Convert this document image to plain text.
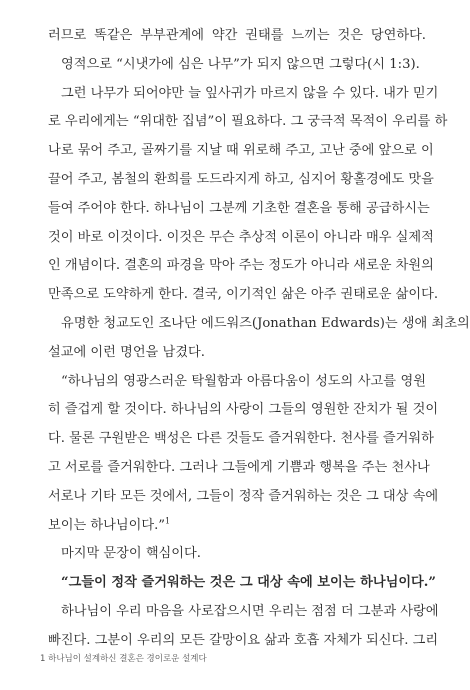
러므로 똑같은 부부관계에 약간 권태를 느끼는 것은 당연하다.
영적으로 “시냇가에 심은 나무”가 되지 않으면 그렇다(시 1:3).
그런 나무가 되어야만 늘 잎사귀가 마르지 않을 수 있다. 내가 믿기
로 우리에게는 “위대한 집념”이 필요하다. 그 궁극적 목적이 우리를 하
나로 묶어 주고, 골짜기를 지날 때 위로해 주고, 고난 중에 앞으로 이
끌어 주고, 봄철의 환희를 도드라지게 하고, 심지어 황홀경에도 맛을
들여 주어야 한다. 하나님이 그분께 기초한 결혼을 통해 공급하시는
것이 바로 이것이다. 이것은 무슨 추상적 이론이 아니라 매우 실제적
인 개념이다. 결혼의 파경을 막아 주는 정도가 아니라 새로운 차원의
만족으로 도약하게 한다. 결국, 이기적인 삶은 아주 권태로운 삶이다.
유명한 청교도인 조나단 에드워즈(Jonathan Edwards)는 생애 최초의
설교에 이런 명언을 남겼다.
“하나님의 영광스러운 탁월함과 아름다움이 성도의 사고를 영원
히 즐겁게 할 것이다. 하나님의 사랑이 그들의 영원한 잔치가 될 것이
다. 물론 구원받은 백성은 다른 것들도 즐거워한다. 천사를 즐거워하
고 서로를 즐거워한다. 그러나 그들에게 기쁨과 행복을 주는 천사나
서로나 기타 모든 것에서, 그들이 정작 즐거워하는 것은 그 대상 속에
보이는 하나님이다.”$^1$
마지막 문장이 핵심이다.
“그들이 정작 즐거워하는 것은 그 대상 속에 보이는 하나님이다.”
하나님이 우리 마음을 사로잡으시면 우리는 점점 더 그분과 사랑에
빠진다. 그분이 우리의 모든 갈망이요 삶과 호흡 자체가 되신다. 그리
1 하나님이 설계하신 결혼은 경이로운 설계다
